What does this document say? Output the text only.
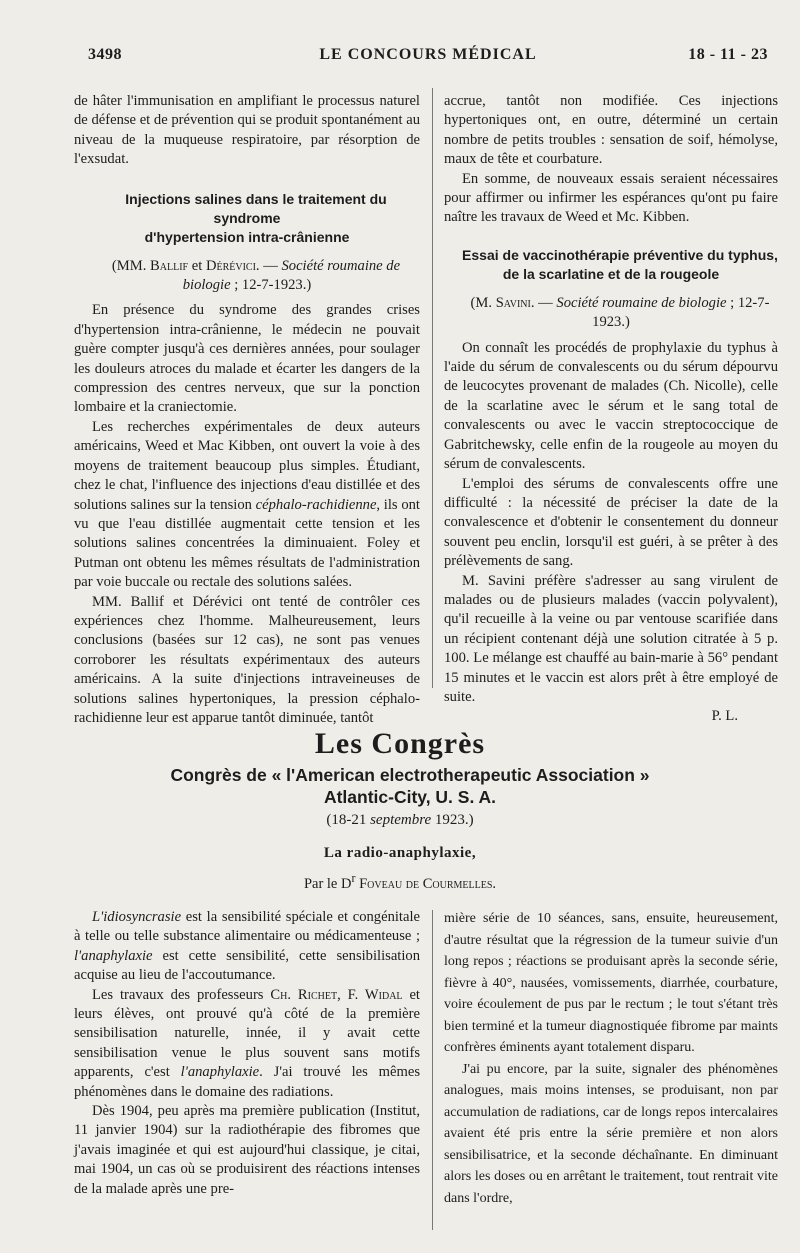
3498	LE CONCOURS MÉDICAL	18 - 11 - 23

de hâter l'immunisation en amplifiant le processus naturel de défense et de prévention qui se produit spontanément au niveau de la muqueuse respiratoire, par résorption de l'exsudat.

Injections salines dans le traitement du syndrome
d'hypertension intra-crânienne

(MM. Ballif et Dérévici. — Société roumaine de biologie ; 12-7-1923.)

En présence du syndrome des grandes crises d'hypertension intra-crânienne, le médecin ne pouvait guère compter jusqu'à ces dernières années, pour soulager les douleurs atroces du malade et écarter les dangers de la compression des centres nerveux, que sur la ponction lombaire et la craniectomie.

Les recherches expérimentales de deux auteurs américains, Weed et Mac Kibben, ont ouvert la voie à des moyens de traitement beaucoup plus simples. Étudiant, chez le chat, l'influence des injections d'eau distillée et des solutions salines sur la tension céphalo-rachidienne, ils ont vu que l'eau distillée augmentait cette tension et les solutions salines concentrées la diminuaient. Foley et Putman ont obtenu les mêmes résultats de l'administration par voie buccale ou rectale des solutions salées.

MM. Ballif et Dérévici ont tenté de contrôler ces expériences chez l'homme. Malheureusement, leurs conclusions (basées sur 12 cas), ne sont pas venues corroborer les résultats expérimentaux des auteurs américains. A la suite d'injections intraveineuses de solutions salines hypertoniques, la pression céphalo-rachidienne leur est apparue tantôt diminuée, tantôt

accrue, tantôt non modifiée. Ces injections hypertoniques ont, en outre, déterminé un certain nombre de petits troubles : sensation de soif, hémolyse, maux de tête et courbature.

En somme, de nouveaux essais seraient nécessaires pour affirmer ou infirmer les espérances qu'ont pu faire naître les travaux de Weed et Mc. Kibben.

Essai de vaccinothérapie préventive du typhus,
de la scarlatine et de la rougeole

(M. Savini. — Société roumaine de biologie ; 12-7- 1923.)

On connaît les procédés de prophylaxie du typhus à l'aide du sérum de convalescents ou du sérum dépourvu de leucocytes provenant de malades (Ch. Nicolle), celle de la scarlatine avec le sérum et le sang total de convalescents ou avec le vaccin streptococcique de Gabritchewsky, celle enfin de la rougeole au moyen du sérum de convalescents.

L'emploi des sérums de convalescents offre une difficulté : la nécessité de préciser la date de la convalescence et d'obtenir le consentement du donneur souvent peu enclin, lorsqu'il est guéri, à se prêter à des prélèvements de sang.

M. Savini préfère s'adresser au sang virulent de malades ou de plusieurs malades (vaccin polyvalent), qu'il recueille à la veine ou par ventouse scarifiée dans un récipient contenant déjà une solution citratée à 5 p. 100. Le mélange est chauffé au bain-marie à 56° pendant 15 minutes et le vaccin est alors prêt à être employé de suite.

P. L.

Les Congrès
Congrès de « l'American electrotherapeutic Association »
Atlantic-City, U. S. A.
(18-21 septembre 1923.)
La radio-anaphylaxie,
Par le $D^r$ Foveau de Courmelles.

L'idiosyncrasie est la sensibilité spéciale et congénitale à telle ou telle substance alimentaire ou médicamenteuse ; l'anaphylaxie est cette sensibilité, cette sensibilisation acquise au lieu de l'accoutumance.

Les travaux des professeurs Ch. Richet, F. Widal et leurs élèves, ont prouvé qu'à côté de la première sensibilisation naturelle, innée, il y avait cette sensibilisation venue le plus souvent sans motifs apparents, c'est l'anaphylaxie. J'ai trouvé les mêmes phénomènes dans le domaine des radiations.

Dès 1904, peu après ma première publication (Institut, 11 janvier 1904) sur la radiothérapie des fibromes que j'avais imaginée et qui est aujourd'hui classique, je citai, mai 1904, un cas où se produisirent des réactions intenses de la malade après une pre-

mière série de 10 séances, sans, ensuite, heureusement, d'autre résultat que la régression de la tumeur suivie d'un long repos ; réactions se produisant après la seconde série, fièvre à 40°, nausées, vomissements, diarrhée, courbature, voire écoulement de pus par le rectum ; le tout s'étant très bien terminé et la tumeur diagnostiquée fibrome par maints confrères éminents ayant totalement disparu.

J'ai pu encore, par la suite, signaler des phénomènes analogues, mais moins intenses, se produisant, non par accumulation de radiations, car de longs repos intercalaires avaient été pris entre la série première et non alors sensibilisatrice, et la seconde déchaînante. En diminuant alors les doses ou en arrêtant le traitement, tout rentrait vite dans l'ordre,
